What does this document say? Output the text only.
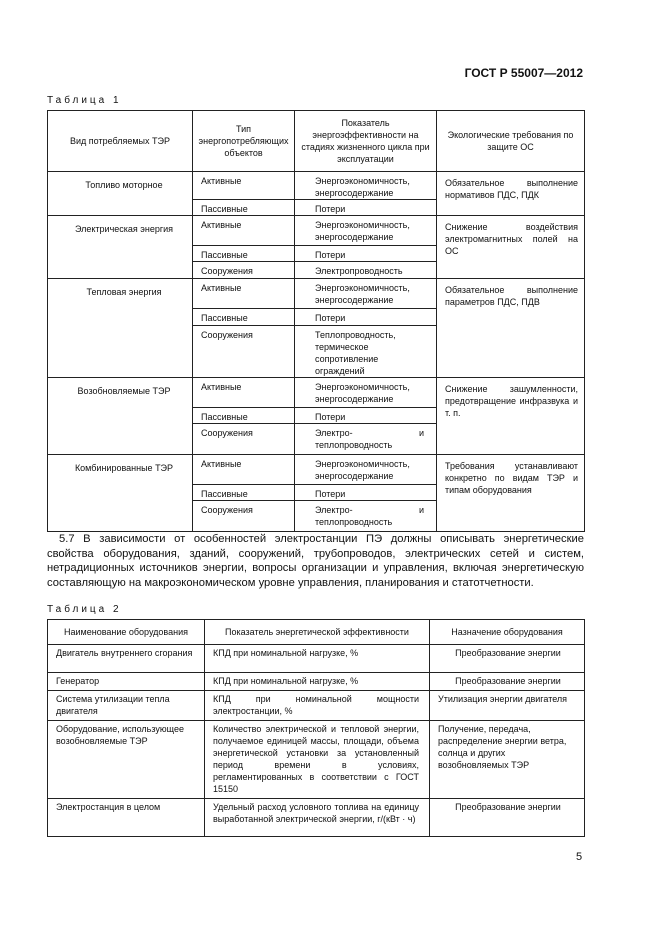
ГОСТ Р 55007—2012
Таблица 1
Вид потребляемых ТЭР	Тип энергопотребляющих объектов	Показатель энергоэффективности на стадиях жизненного цикла при эксплуатации	Экологические требования по защите ОС
Топливо моторное	Активные	Энергоэкономичность, энергосодержание	Обязательное выполнение нормативов ПДС, ПДК
	Пассивные	Потери	
Электрическая энергия	Активные	Энергоэкономичность, энергосодержание	Снижение воздействия электромагнитных полей на ОС
	Пассивные	Потери	
	Сооружения	Электропроводность	
Тепловая энергия	Активные	Энергоэкономичность, энергосодержание	Обязательное выполнение параметров ПДС, ПДВ
	Пассивные	Потери	
	Сооружения	Теплопроводность, термическое сопротивление ограждений	
Возобновляемые ТЭР	Активные	Энергоэкономичность, энергосодержание	Снижение зашумленности, предотвращение инфразвука и т. п.
	Пассивные	Потери	
	Сооружения	Электро- и теплопроводность	
Комбинированные ТЭР	Активные	Энергоэкономичность, энергосодержание	Требования устанавливают конкретно по видам ТЭР и типам оборудования
	Пассивные	Потери	
	Сооружения	Электро- и теплопроводность	
5.7 В зависимости от особенностей электростанции ПЭ должны описывать энергетические свойства оборудования, зданий, сооружений, трубопроводов, электрических сетей и систем, нетрадиционных источников энергии, вопросы организации и управления, включая энергетическую составляющую на макроэкономическом уровне управления, планирования и статотчетности.
Таблица 2
Наименование оборудования	Показатель энергетической эффективности	Назначение оборудования
Двигатель внутреннего сгорания	КПД при номинальной нагрузке, %	Преобразование энергии
Генератор	КПД при номинальной нагрузке, %	Преобразование энергии
Система утилизации тепла двигателя	КПД при номинальной мощности электростанции, %	Утилизация энергии двигателя
Оборудование, использующее возобновляемые ТЭР	Количество электрической и тепловой энергии, получаемое единицей массы, площади, объема энергетической установки за установленный период времени в условиях, регламентированных в соответствии с ГОСТ 15150	Получение, передача, распределение энергии ветра, солнца и других возобновляемых ТЭР
Электростанция в целом	Удельный расход условного топлива на единицу выработанной электрической энергии, г/(кВт · ч)	Преобразование энергии
5
